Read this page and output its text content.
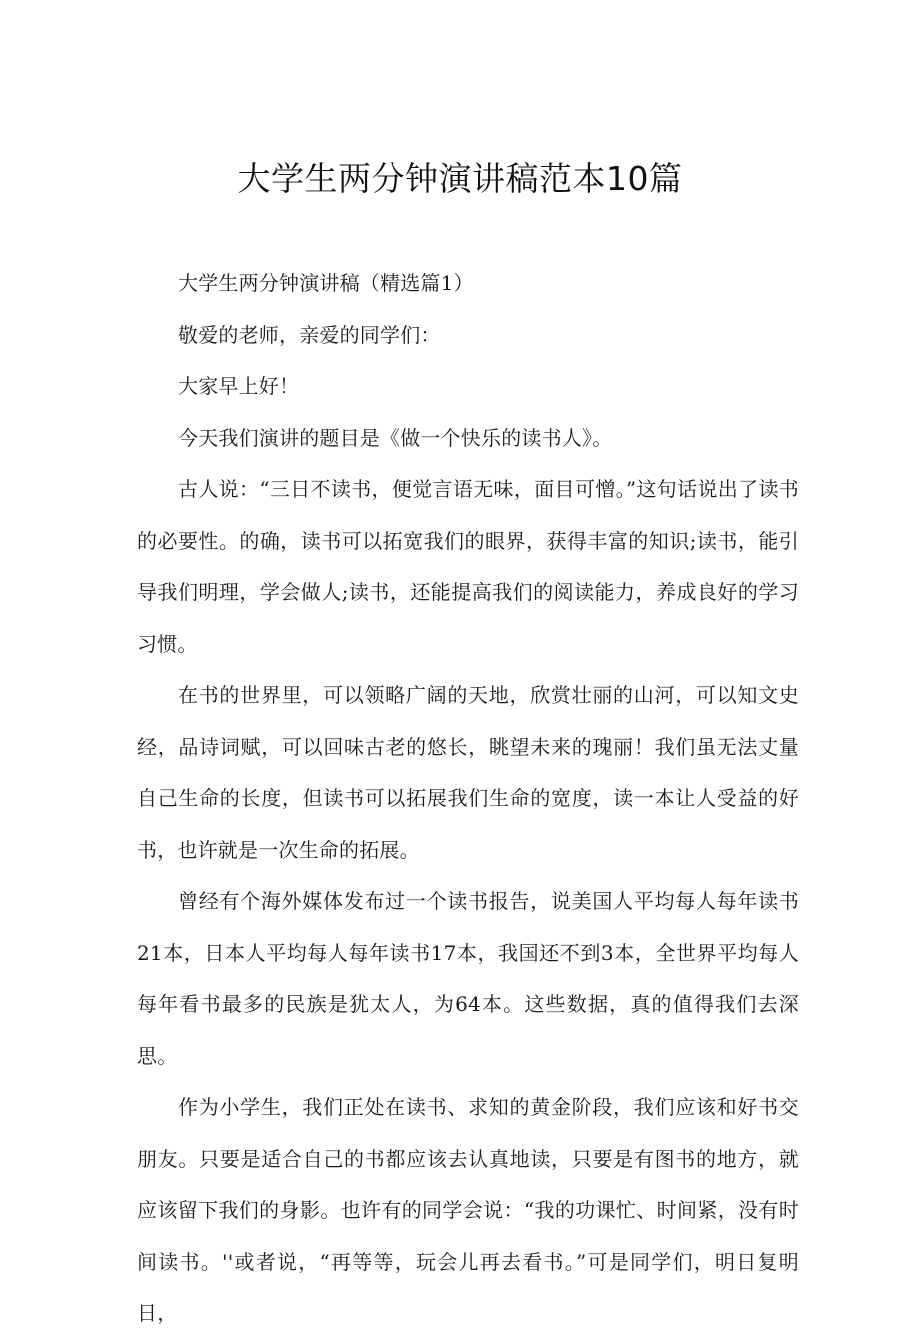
大学生两分钟演讲稿范本10篇

大学生两分钟演讲稿（精选篇1）

敬爱的老师，亲爱的同学们：

大家早上好！

今天我们演讲的题目是《做一个快乐的读书人》。

古人说：“三日不读书，便觉言语无味，面目可憎。”这句话说出了读书的必要性。的确，读书可以拓宽我们的眼界，获得丰富的知识;读书，能引导我们明理，学会做人;读书，还能提高我们的阅读能力，养成良好的学习习惯。

在书的世界里，可以领略广阔的天地，欣赏壮丽的山河，可以知文史经，品诗词赋，可以回味古老的悠长，眺望未来的瑰丽！我们虽无法丈量自己生命的长度，但读书可以拓展我们生命的宽度，读一本让人受益的好书，也许就是一次生命的拓展。

曾经有个海外媒体发布过一个读书报告，说美国人平均每人每年读书21本，日本人平均每人每年读书17本，我国还不到3本，全世界平均每人每年看书最多的民族是犹太人，为64本。这些数据，真的值得我们去深思。

作为小学生，我们正处在读书、求知的黄金阶段，我们应该和好书交朋友。只要是适合自己的书都应该去认真地读，只要是有图书的地方，就应该留下我们的身影。也许有的同学会说：“我的功课忙、时间紧，没有时间读书。''或者说，“再等等，玩会儿再去看书。”可是同学们，明日复明日，
